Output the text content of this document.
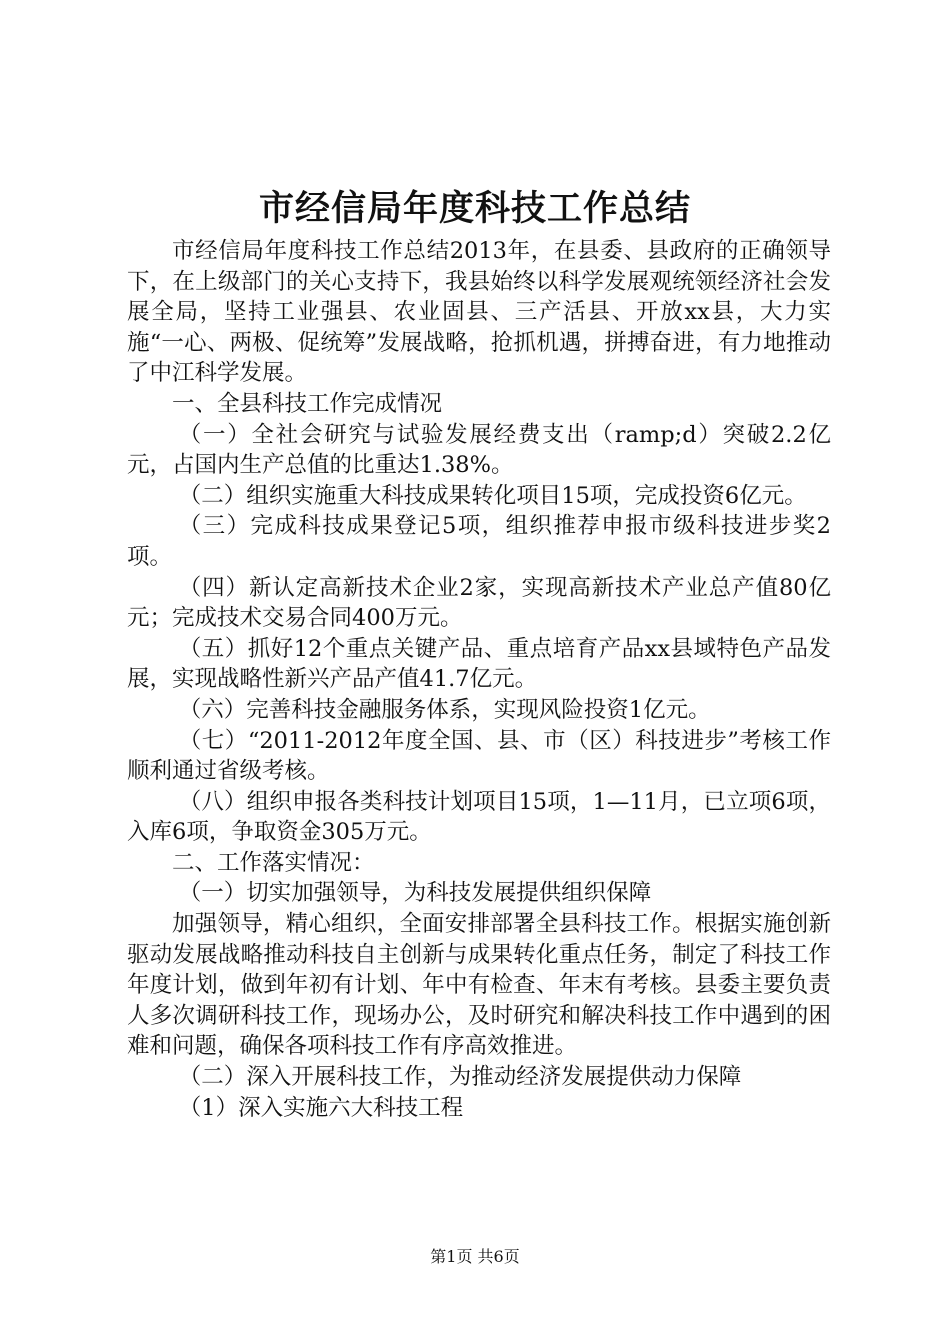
市经信局年度科技工作总结

市经信局年度科技工作总结2013年，在县委、县政府的正确领导下，在上级部门的关心支持下，我县始终以科学发展观统领经济社会发展全局，坚持工业强县、农业固县、三产活县、开放xx县，大力实施“一心、两极、促统筹”发展战略，抢抓机遇，拼搏奋进，有力地推动了中江科学发展。

一、全县科技工作完成情况

（一）全社会研究与试验发展经费支出（ramp;d）突破2.2亿元，占国内生产总值的比重达1.38%。

（二）组织实施重大科技成果转化项目15项，完成投资6亿元。

（三）完成科技成果登记5项，组织推荐申报市级科技进步奖2项。

（四）新认定高新技术企业2家，实现高新技术产业总产值80亿元；完成技术交易合同400万元。

（五）抓好12个重点关键产品、重点培育产品xx县域特色产品发展，实现战略性新兴产品产值41.7亿元。

（六）完善科技金融服务体系，实现风险投资1亿元。

（七）“2011-2012年度全国、县、市（区）科技进步”考核工作顺利通过省级考核。

（八）组织申报各类科技计划项目15项，1—11月，已立项6项，入库6项，争取资金305万元。

二、工作落实情况：

（一）切实加强领导，为科技发展提供组织保障

加强领导，精心组织，全面安排部署全县科技工作。根据实施创新驱动发展战略推动科技自主创新与成果转化重点任务，制定了科技工作年度计划，做到年初有计划、年中有检查、年末有考核。县委主要负责人多次调研科技工作，现场办公，及时研究和解决科技工作中遇到的困难和问题，确保各项科技工作有序高效推进。

（二）深入开展科技工作，为推动经济发展提供动力保障

（1）深入实施六大科技工程

第1页 共6页
